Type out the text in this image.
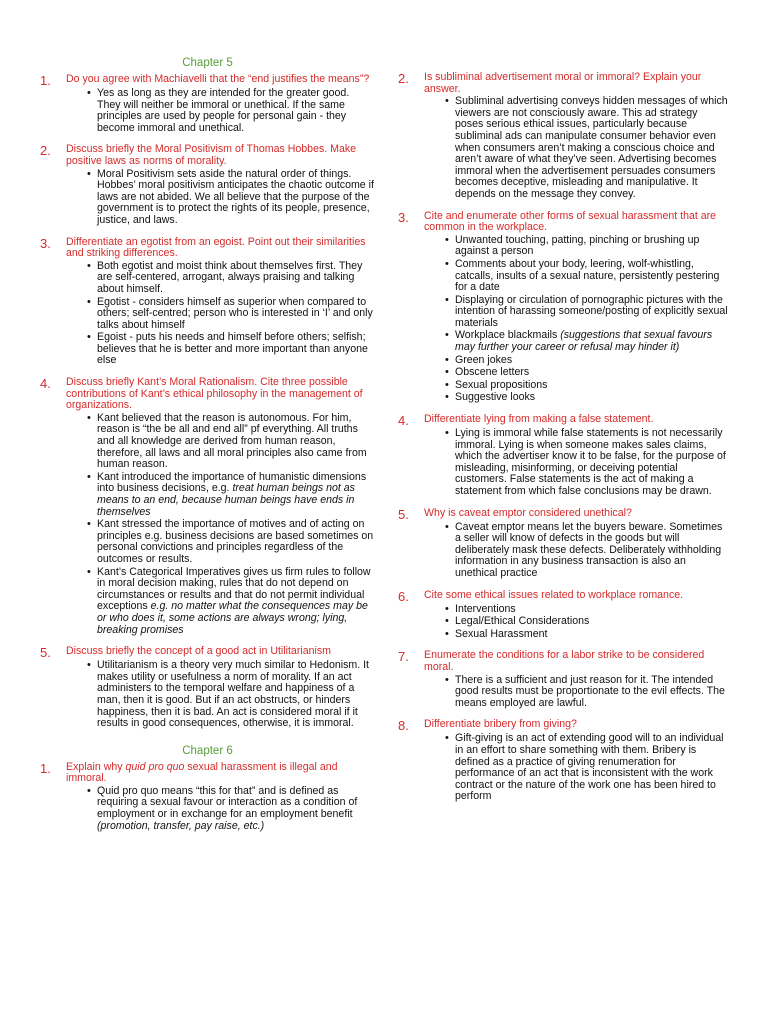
Chapter 5
1.	Do you agree with Machiavelli that the “end justifies the means”?
• Yes as long as they are intended for the greater good. They will neither be immoral or unethical. If the same principles are used by people for personal gain - they become immoral and unethical.
2.	Discuss briefly the Moral Positivism of Thomas Hobbes. Make positive laws as norms of morality.
• Moral Positivism sets aside the natural order of things. Hobbes’ moral positivism anticipates the chaotic outcome if laws are not abided. We all believe that the purpose of the government is to protect the rights of its people, presence, justice, and laws.
3.	Differentiate an egotist from an egoist. Point out their similarities and striking differences.
• Both egotist and moist think about themselves first. They are self-centered, arrogant, always praising and talking about himself.
• Egotist - considers himself as superior when compared to others; self-centred; person who is interested in ‘I’ and only talks about himself
• Egoist - puts his needs and himself before others; selfish; believes that he is better and more important than anyone else
4.	Discuss briefly Kant’s Moral Rationalism. Cite three possible contributions of Kant’s ethical philosophy in the management of organizations.
• Kant believed that the reason is autonomous. For him, reason is “the be all and end all” pf everything. All truths and all knowledge are derived from human reason, therefore, all laws and all moral principles also came from human reason.
• Kant introduced the importance of humanistic dimensions into business decisions, e.g. treat human beings not as means to an end, because human beings have ends in themselves
• Kant stressed the importance of motives and of acting on principles e.g. business decisions are based sometimes on personal convictions and principles regardless of the outcomes or results.
• Kant’s Categorical Imperatives gives us firm rules to follow in moral decision making, rules that do not depend on circumstances or results and that do not permit individual exceptions e.g. no matter what the consequences may be or who does it, some actions are always wrong; lying, breaking promises
5.	Discuss briefly the concept of a good act in Utilitarianism
• Utilitarianism is a theory very much similar to Hedonism. It makes utility or usefulness a norm of morality. If an act administers to the temporal welfare and happiness of a man, then it is good. But if an act obstructs, or hinders happiness, then it is bad. An act is considered moral if it results in good consequences, otherwise, it is immoral.
Chapter 6
1.	Explain why quid pro quo sexual harassment is illegal and immoral.
• Quid pro quo means “this for that” and is defined as requiring a sexual favour or interaction as a condition of employment or in exchange for an employment benefit (promotion, transfer, pay raise, etc.)
2.	Is subliminal advertisement moral or immoral? Explain your answer.
• Subliminal advertising conveys hidden messages of which viewers are not consciously aware. This ad strategy poses serious ethical issues, particularly because subliminal ads can manipulate consumer behavior even when consumers aren’t making a conscious choice and aren’t aware of what they’ve seen. Advertising becomes immoral when the advertisement persuades consumers becomes deceptive, misleading and manipulative. It depends on the message they convey.
3.	Cite and enumerate other forms of sexual harassment that are common in the workplace.
• Unwanted touching, patting, pinching or brushing up against a person
• Comments about your body, leering, wolf-whistling, catcalls, insults of a sexual nature, persistently pestering for a date
• Displaying or circulation of pornographic pictures with the intention of harassing someone/posting of explicitly sexual materials
• Workplace blackmails (suggestions that sexual favours may further your career or refusal may hinder it)
• Green jokes
• Obscene letters
• Sexual propositions
• Suggestive looks
4.	Differentiate lying from making a false statement.
• Lying is immoral while false statements is not necessarily immoral. Lying is when someone makes sales claims, which the advertiser know it to be false, for the purpose of misleading, misinforming, or deceiving potential customers. False statements is the act of making a statement from which false conclusions may be drawn.
5.	Why is caveat emptor considered unethical?
• Caveat emptor means let the buyers beware. Sometimes a seller will know of defects in the goods but will deliberately mask these defects. Deliberately withholding information in any business transaction is also an unethical practice
6.	Cite some ethical issues related to workplace romance.
• Interventions
• Legal/Ethical Considerations
• Sexual Harassment
7.	Enumerate the conditions for a labor strike to be considered moral.
• There is a sufficient and just reason for it. The intended good results must be proportionate to the evil effects. The means employed are lawful.
8.	Differentiate bribery from giving?
• Gift-giving is an act of extending good will to an individual in an effort to share something with them. Bribery is defined as a practice of giving renumeration for performance of an act that is inconsistent with the work contract or the nature of the work one has been hired to perform
